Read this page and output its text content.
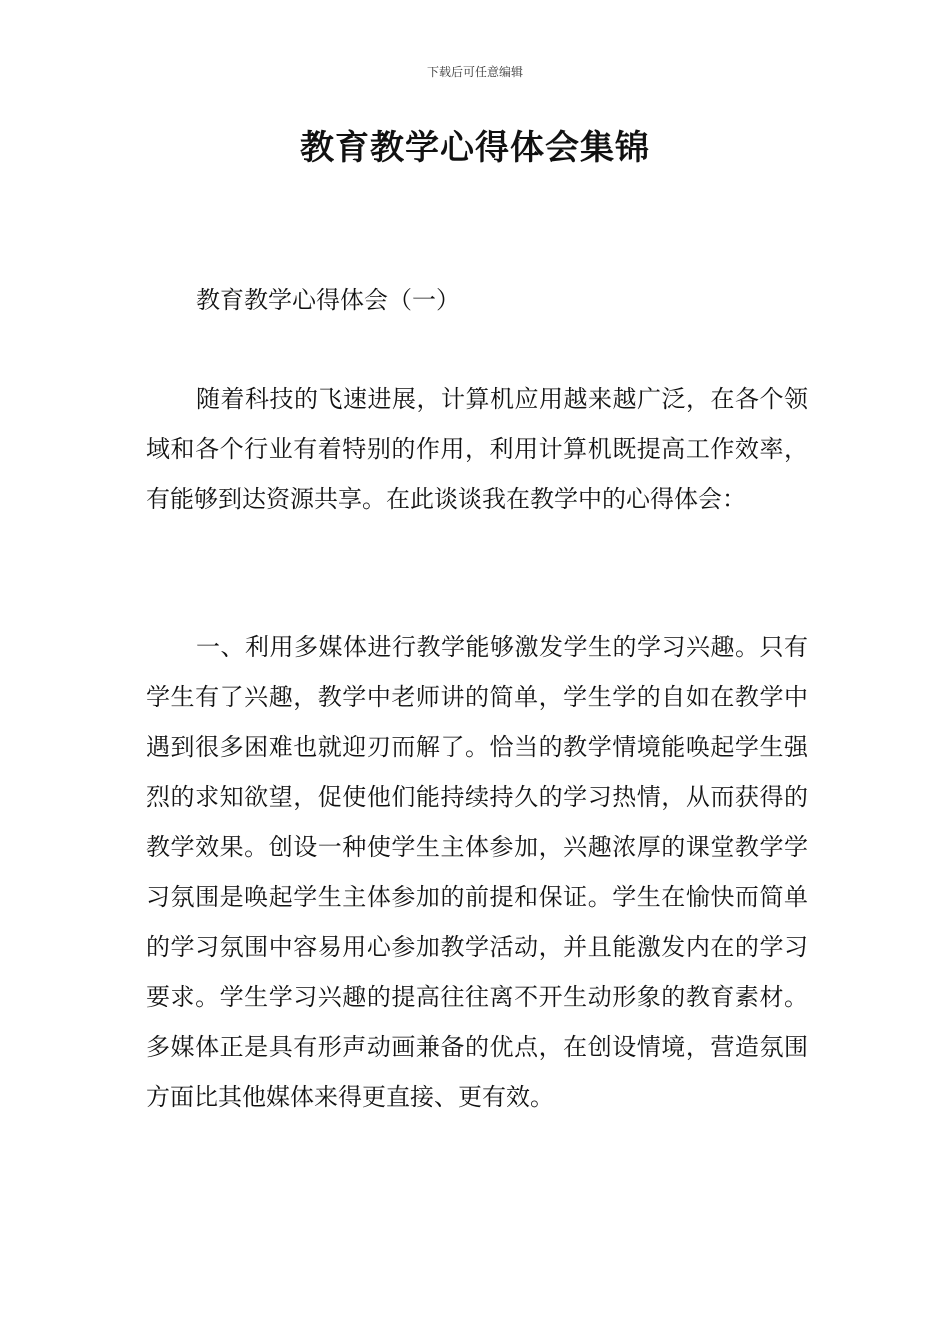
下载后可任意编辑
教育教学心得体会集锦
教育教学心得体会（一）

随着科技的飞速进展，计算机应用越来越广泛，在各个领域和各个行业有着特别的作用，利用计算机既提高工作效率，有能够到达资源共享。在此谈谈我在教学中的心得体会：

一、利用多媒体进行教学能够激发学生的学习兴趣。只有学生有了兴趣，教学中老师讲的简单，学生学的自如在教学中遇到很多困难也就迎刃而解了。恰当的教学情境能唤起学生强烈的求知欲望，促使他们能持续持久的学习热情，从而获得的教学效果。创设一种使学生主体参加，兴趣浓厚的课堂教学学习氛围是唤起学生主体参加的前提和保证。学生在愉快而简单的学习氛围中容易用心参加教学活动，并且能激发内在的学习要求。学生学习兴趣的提高往往离不开生动形象的教育素材。多媒体正是具有形声动画兼备的优点，在创设情境，营造氛围方面比其他媒体来得更直接、更有效。
